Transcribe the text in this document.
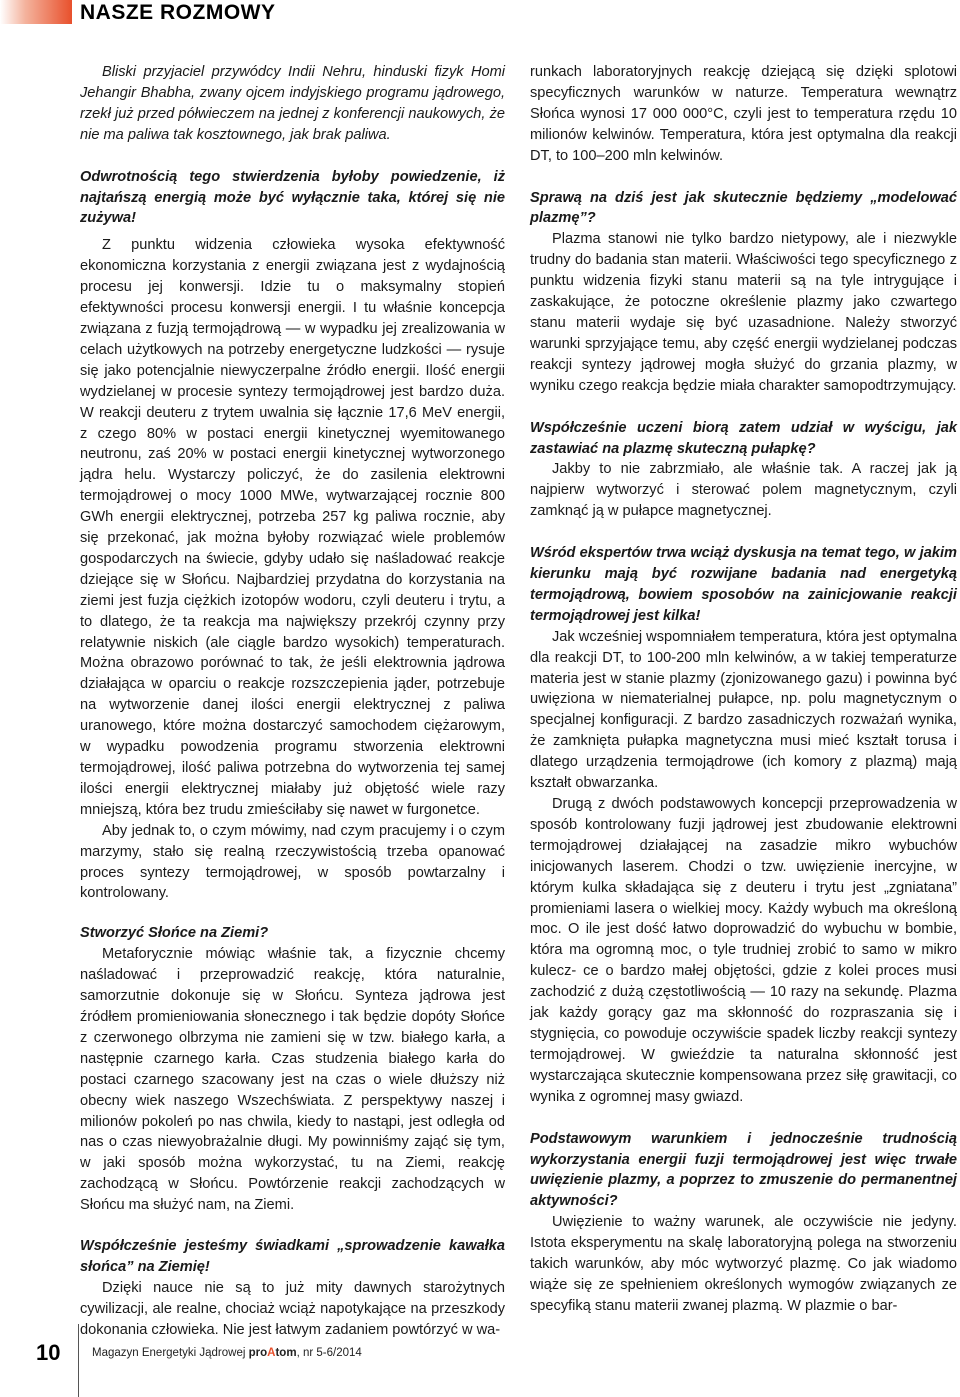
NASZE ROZMOWY

Bliski przyjaciel przywódcy Indii Nehru, hinduski fizyk Homi Jehangir Bhabha, zwany ojcem indyjskiego programu jądrowego, rzekł już przed półwieczem na jednej z konferencji naukowych, że nie ma paliwa tak kosztownego, jak brak paliwa.

Odwrotnością tego stwierdzenia byłoby powiedzenie, iż najtańszą energią może być wyłącznie taka, której się nie zużywa!

Z punktu widzenia człowieka wysoka efektywność ekonomiczna korzystania z energii związana jest z wydajnością procesu jej konwersji. Idzie tu o maksymalny stopień efektywności procesu konwersji energii. I tu właśnie koncepcja związana z fuzją termojądrową — w wypadku jej zrealizowania w celach użytkowych na potrzeby energetyczne ludzkości — rysuje się jako potencjalnie niewyczerpalne źródło energii. Ilość energii wydzielanej w procesie syntezy termojądrowej jest bardzo duża. W reakcji deuteru z trytem uwalnia się łącznie 17,6 MeV energii, z czego 80% w postaci energii kinetycznej wyemitowanego neutronu, zaś 20% w postaci energii kinetycznej wytworzonego jądra helu. Wystarczy policzyć, że do zasilenia elektrowni termojądrowej o mocy 1000 MWe, wytwarzającej rocznie 800 GWh energii elektrycznej, potrzeba 257 kg paliwa rocznie, aby się przekonać, jak można byłoby rozwiązać wiele problemów gospodarczych na świecie, gdyby udało się naśladować reakcje dziejące się w Słońcu. Najbardziej przydatna do korzystania na ziemi jest fuzja ciężkich izotopów wodoru, czyli deuteru i trytu, a to dlatego, że ta reakcja ma największy przekrój czynny przy relatywnie niskich (ale ciągle bardzo wysokich) temperaturach. Można obrazowo porównać to tak, że jeśli elektrownia jądrowa działająca w oparciu o reakcje rozszczepienia jąder, potrzebuje na wytworzenie danej ilości energii elektrycznej z paliwa uranowego, które można dostarczyć samochodem ciężarowym, w wypadku powodzenia programu stworzenia elektrowni termojądrowej, ilość paliwa potrzebna do wytworzenia tej samej ilości energii elektrycznej miałaby już objętość wiele razy mniejszą, która bez trudu zmieściłaby się nawet w furgonetce.

Aby jednak to, o czym mówimy, nad czym pracujemy i o czym marzymy, stało się realną rzeczywistością trzeba opanować proces syntezy termojądrowej, w sposób powtarzalny i kontrolowany.

Stworzyć Słońce na Ziemi?

Metaforycznie mówiąc właśnie tak, a fizycznie chcemy naśladować i przeprowadzić reakcję, która naturalnie, samorzutnie dokonuje się w Słońcu. Synteza jądrowa jest źródłem promieniowania słonecznego i tak będzie dopóty Słońce z czerwonego olbrzyma nie zamieni się w tzw. białego karła, a następnie czarnego karła. Czas studzenia białego karła do postaci czarnego szacowany jest na czas o wiele dłuższy niż obecny wiek naszego Wszechświata. Z perspektywy naszej i milionów pokoleń po nas chwila, kiedy to nastąpi, jest odległa od nas o czas niewyobrażalnie długi. My powinniśmy zająć się tym, w jaki sposób można wykorzystać, tu na Ziemi, reakcję zachodzącą w Słońcu. Powtórzenie reakcji zachodzących w Słońcu ma służyć nam, na Ziemi.

Współcześnie jesteśmy świadkami „sprowadzenie kawałka słońca” na Ziemię!

Dzięki nauce nie są to już mity dawnych starożytnych cywilizacji, ale realne, chociaż wciąż napotykające na przeszkody dokonania człowieka. Nie jest łatwym zadaniem powtórzyć w wa-

runkach laboratoryjnych reakcję dziejącą się dzięki splotowi specyficznych warunków w naturze. Temperatura wewnątrz Słońca wynosi 17 000 000°C, czyli jest to temperatura rzędu 10 milionów kelwinów. Temperatura, która jest optymalna dla reakcji DT, to 100–200 mln kelwinów.

Sprawą na dziś jest jak skutecznie będziemy „modelować plazmę”?

Plazma stanowi nie tylko bardzo nietypowy, ale i niezwykle trudny do badania stan materii. Właściwości tego specyficznego z punktu widzenia fizyki stanu materii są na tyle intrygujące i zaskakujące, że potoczne określenie plazmy jako czwartego stanu materii wydaje się być uzasadnione. Należy stworzyć warunki sprzyjające temu, aby część energii wydzielanej podczas reakcji syntezy jądrowej mogła służyć do grzania plazmy, w wyniku czego reakcja będzie miała charakter samopodtrzymujący.

Współcześnie uczeni biorą zatem udział w wyścigu, jak zastawiać na plazmę skuteczną pułapkę?

Jakby to nie zabrzmiało, ale właśnie tak. A raczej jak ją najpierw wytworzyć i sterować polem magnetycznym, czyli zamknąć ją w pułapce magnetycznej.

Wśród ekspertów trwa wciąż dyskusja na temat tego, w jakim kierunku mają być rozwijane badania nad energetyką termojądrową, bowiem sposobów na zainicjowanie reakcji termojądrowej jest kilka!

Jak wcześniej wspomniałem temperatura, która jest optymalna dla reakcji DT, to 100-200 mln kelwinów, a w takiej temperaturze materia jest w stanie plazmy (zjonizowanego gazu) i powinna być uwięziona w niematerialnej pułapce, np. polu magnetycznym o specjalnej konfiguracji. Z bardzo zasadniczych rozważań wynika, że zamknięta pułapka magnetyczna musi mieć kształt torusa i dlatego urządzenia termojądrowe (ich komory z plazmą) mają kształt obwarzanka.

Drugą z dwóch podstawowych koncepcji przeprowadzenia w sposób kontrolowany fuzji jądrowej jest zbudowanie elektrowni termojądrowej działającej na zasadzie mikro wybuchów inicjowanych laserem. Chodzi o tzw. uwięzienie inercyjne, w którym kulka składająca się z deuteru i trytu jest „zgniatana” promieniami lasera o wielkiej mocy. Każdy wybuch ma określoną moc. O ile jest dość łatwo doprowadzić do wybuchu w bombie, która ma ogromną moc, o tyle trudniej zrobić to samo w mikro kulecz- ce o bardzo małej objętości, gdzie z kolei proces musi zachodzić z dużą częstotliwością — 10 razy na sekundę. Plazma jak każdy gorący gaz ma skłonność do rozpraszania się i stygnięcia, co powoduje oczywiście spadek liczby reakcji syntezy termojądrowej. W gwieździe ta naturalna skłonność jest wystarczająca skutecznie kompensowana przez siłę grawitacji, co wynika z ogromnej masy gwiazd.

Podstawowym warunkiem i jednocześnie trudnością wykorzystania energii fuzji termojądrowej jest więc trwałe uwięzienie plazmy, a poprzez to zmuszenie do permanentnej aktywności?

Uwięzienie to ważny warunek, ale oczywiście nie jedyny. Istota eksperymentu na skalę laboratoryjną polega na stworzeniu takich warunków, aby móc wytworzyć plazmę. Co jak wiadomo wiąże się ze spełnieniem określonych wymogów związanych ze specyfiką stanu materii zwanej plazmą. W plazmie o bar-

10	Magazyn Energetyki Jądrowej proAtom, nr 5-6/2014
